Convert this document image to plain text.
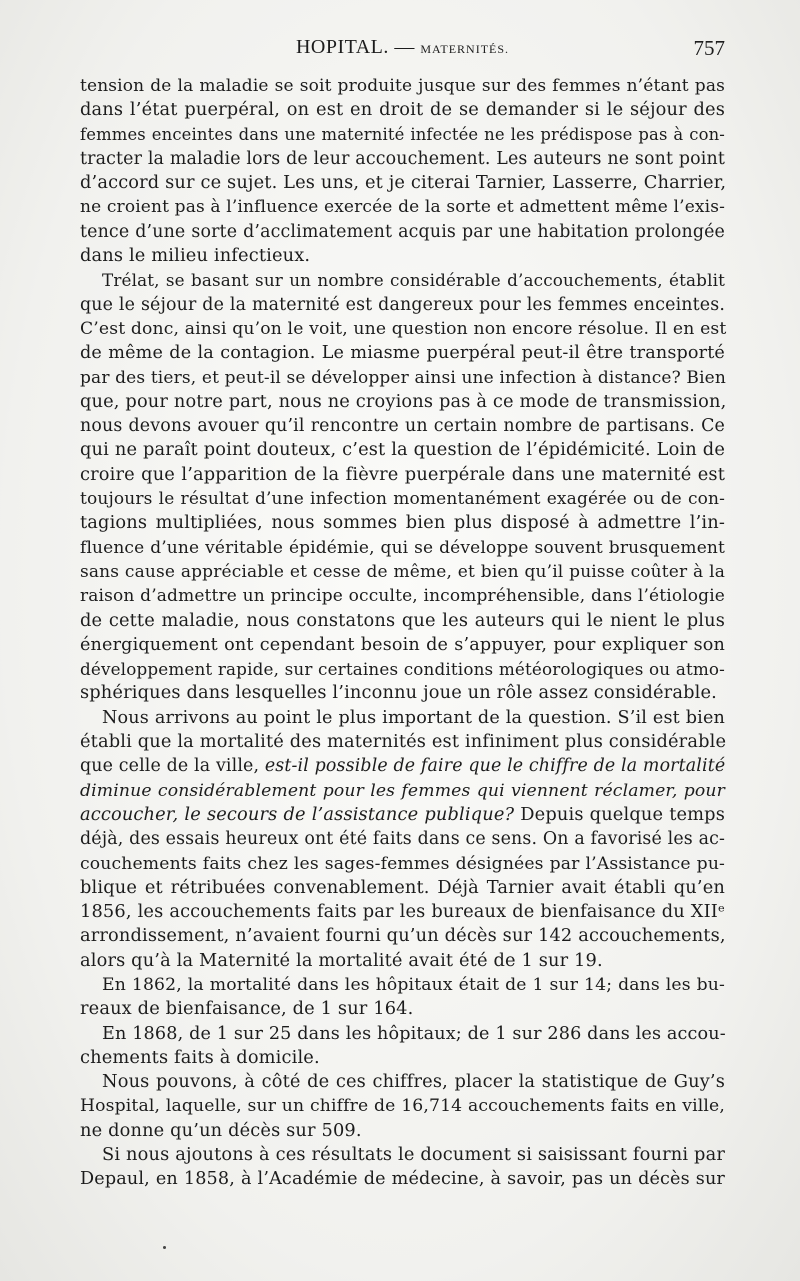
HOPITAL. — MATERNITÉS.	757
tension de la maladie se soit produite jusque sur des femmes n’étant pas
dans l’état puerpéral, on est en droit de se demander si le séjour des
femmes enceintes dans une maternité infectée ne les prédispose pas à con-
tracter la maladie lors de leur accouchement. Les auteurs ne sont point
d’accord sur ce sujet. Les uns, et je citerai Tarnier, Lasserre, Charrier,
ne croient pas à l’influence exercée de la sorte et admettent même l’exis-
tence d’une sorte d’acclimatement acquis par une habitation prolongée
dans le milieu infectieux.
Trélat, se basant sur un nombre considérable d’accouchements, établit
que le séjour de la maternité est dangereux pour les femmes enceintes.
C’est donc, ainsi qu’on le voit, une question non encore résolue. Il en est
de même de la contagion. Le miasme puerpéral peut-il être transporté
par des tiers, et peut-il se développer ainsi une infection à distance? Bien
que, pour notre part, nous ne croyions pas à ce mode de transmission,
nous devons avouer qu’il rencontre un certain nombre de partisans. Ce
qui ne paraît point douteux, c’est la question de l’épidémicité. Loin de
croire que l’apparition de la fièvre puerpérale dans une maternité est
toujours le résultat d’une infection momentanément exagérée ou de con-
tagions multipliées, nous sommes bien plus disposé à admettre l’in-
fluence d’une véritable épidémie, qui se développe souvent brusquement
sans cause appréciable et cesse de même, et bien qu’il puisse coûter à la
raison d’admettre un principe occulte, incompréhensible, dans l’étiologie
de cette maladie, nous constatons que les auteurs qui le nient le plus
énergiquement ont cependant besoin de s’appuyer, pour expliquer son
développement rapide, sur certaines conditions météorologiques ou atmo-
sphériques dans lesquelles l’inconnu joue un rôle assez considérable.
Nous arrivons au point le plus important de la question. S’il est bien
établi que la mortalité des maternités est infiniment plus considérable
que celle de la ville, est-il possible de faire que le chiffre de la mortalité
diminue considérablement pour les femmes qui viennent réclamer, pour
accoucher, le secours de l’assistance publique? Depuis quelque temps
déjà, des essais heureux ont été faits dans ce sens. On a favorisé les ac-
couchements faits chez les sages-femmes désignées par l’Assistance pu-
blique et rétribuées convenablement. Déjà Tarnier avait établi qu’en
1856, les accouchements faits par les bureaux de bienfaisance du XIIᵉ
arrondissement, n’avaient fourni qu’un décès sur 142 accouchements,
alors qu’à la Maternité la mortalité avait été de 1 sur 19.
En 1862, la mortalité dans les hôpitaux était de 1 sur 14; dans les bu-
reaux de bienfaisance, de 1 sur 164.
En 1868, de 1 sur 25 dans les hôpitaux; de 1 sur 286 dans les accou-
chements faits à domicile.
Nous pouvons, à côté de ces chiffres, placer la statistique de Guy’s
Hospital, laquelle, sur un chiffre de 16,714 accouchements faits en ville,
ne donne qu’un décès sur 509.
Si nous ajoutons à ces résultats le document si saisissant fourni par
Depaul, en 1858, à l’Académie de médecine, à savoir, pas un décès sur
